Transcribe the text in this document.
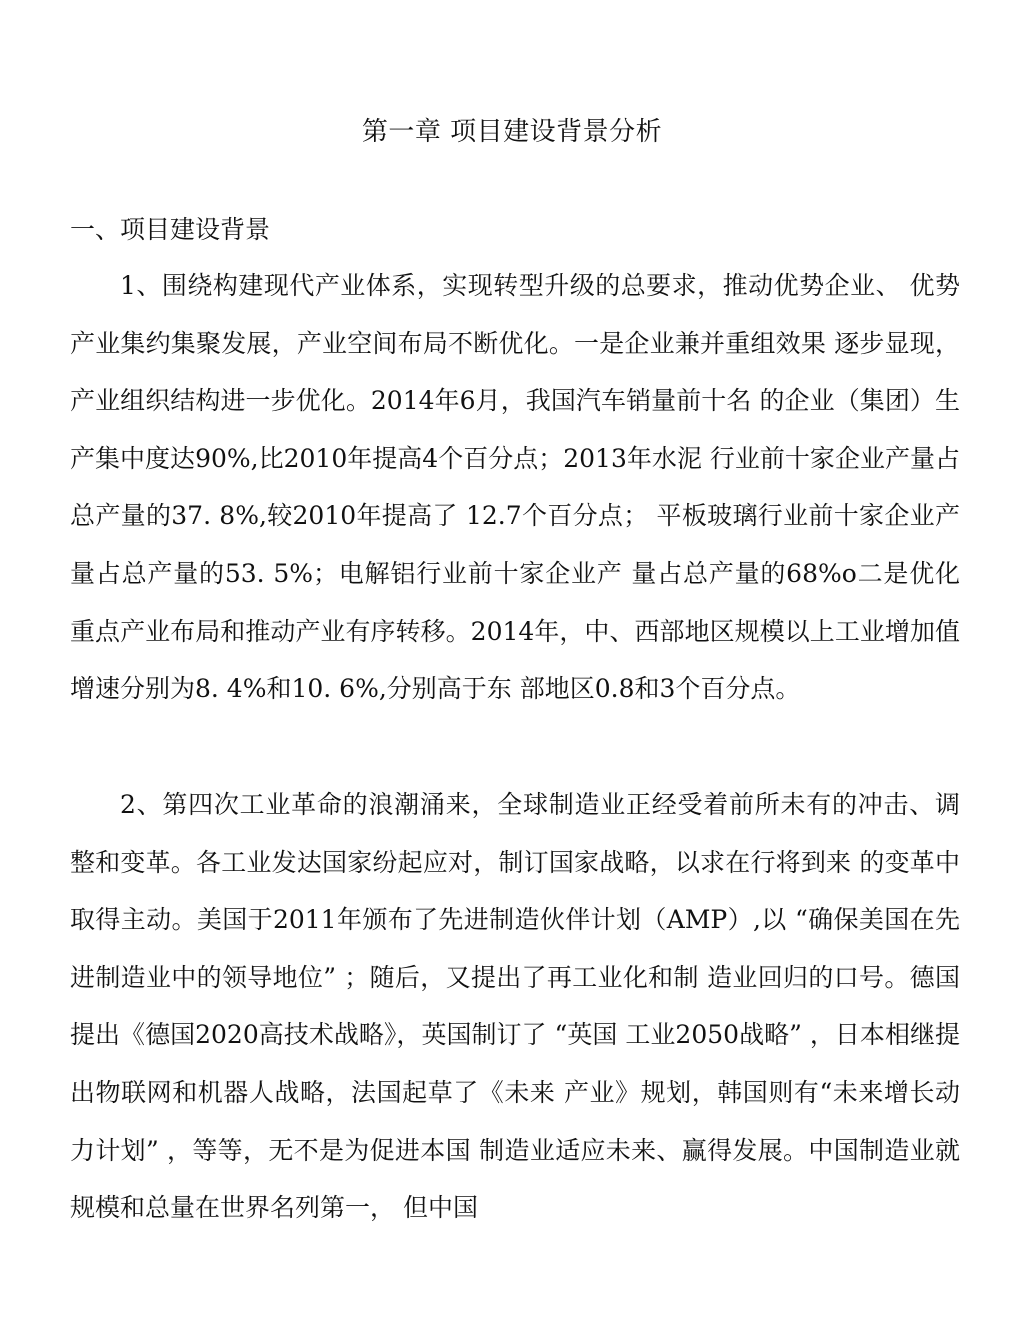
第一章 项目建设背景分析
一、项目建设背景

1、围绕构建现代产业体系，实现转型升级的总要求，推动优势企业、 优势产业集约集聚发展，产业空间布局不断优化。一是企业兼并重组效果 逐步显现，产业组织结构进一步优化。2014年6月，我国汽车销量前十名 的企业（集团）生产集中度达90%,比2010年提高4个百分点；2013年水泥 行业前十家企业产量占总产量的37. 8%,较2010年提高了 12.7个百分点； 平板玻璃行业前十家企业产量占总产量的53. 5%；电解铝行业前十家企业产 量占总产量的68%o二是优化重点产业布局和推动产业有序转移。2014年，中、西部地区规模以上工业增加值增速分别为8. 4%和10. 6%,分别高于东 部地区0.8和3个百分点。

2、第四次工业革命的浪潮涌来，全球制造业正经受着前所未有的冲击、调整和变革。各工业发达国家纷起应对，制订国家战略，以求在行将到来 的变革中取得主动。美国于2011年颁布了先进制造伙伴计划（AMP）,以 “确保美国在先进制造业中的领导地位” ；随后，又提出了再工业化和制 造业回归的口号。德国提出《德国2020高技术战略》，英国制订了 “英国 工业2050战略” ，日本相继提出物联网和机器人战略，法国起草了《未来 产业》规划，韩国则有“未来增长动力计划” ，等等，无不是为促进本国 制造业适应未来、赢得发展。中国制造业就规模和总量在世界名列第一， 但中国
